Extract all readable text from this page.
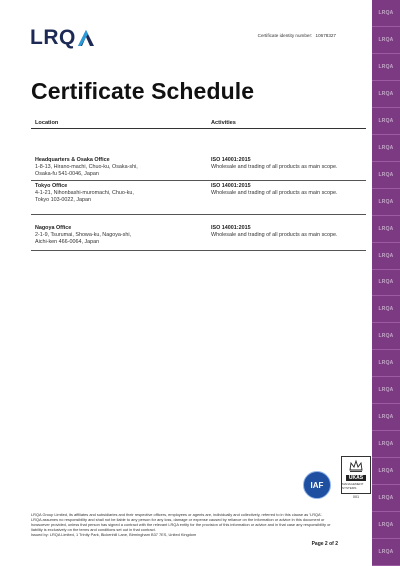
LRQ	Certificate identity number: 10678327
Certificate Schedule
Location	Activities
Headquarters & Osaka Office
1-8-13, Hirano-machi, Chuo-ku, Osaka-shi,
Osaka-fu 541-0046, Japan
ISO 14001:2015
Wholesale and trading of all products as main scope.
Tokyo Office
4-1-21, Nihonbashi-muromachi, Chuo-ku,
Tokyo 103-0022, Japan
ISO 14001:2015
Wholesale and trading of all products as main scope.
Nagoya Office
2-1-9, Tsurumai, Showa-ku, Nagoya-shi,
Aichi-ken 466-0064, Japan
ISO 14001:2015
Wholesale and trading of all products as main scope.
IAF
UKAS
MANAGEMENT SYSTEMS
001
LRQA Group Limited, its affiliates and subsidiaries and their respective officers, employees or agents are, individually and collectively, referred to in this clause as 'LRQA'.
LRQA assumes no responsibility and shall not be liable to any person for any loss, damage or expense caused by reliance on the information or advice in this document or
howsoever provided, unless that person has signed a contract with the relevant LRQA entity for the provision of this information or advice and in that case any responsibility or
liability is exclusively on the terms and conditions set out in that contract.
Issued by: LRQA Limited, 1 Trinity Park, Bickenhill Lane, Birmingham B37 7ES, United Kingdom
Page 2 of 2
LRQA
LRQA
LRQA
LRQA
LRQA
LRQA
LRQA
LRQA
LRQA
LRQA
LRQA
LRQA
LRQA
LRQA
LRQA
LRQA
LRQA
LRQA
LRQA
LRQA
LRQA
